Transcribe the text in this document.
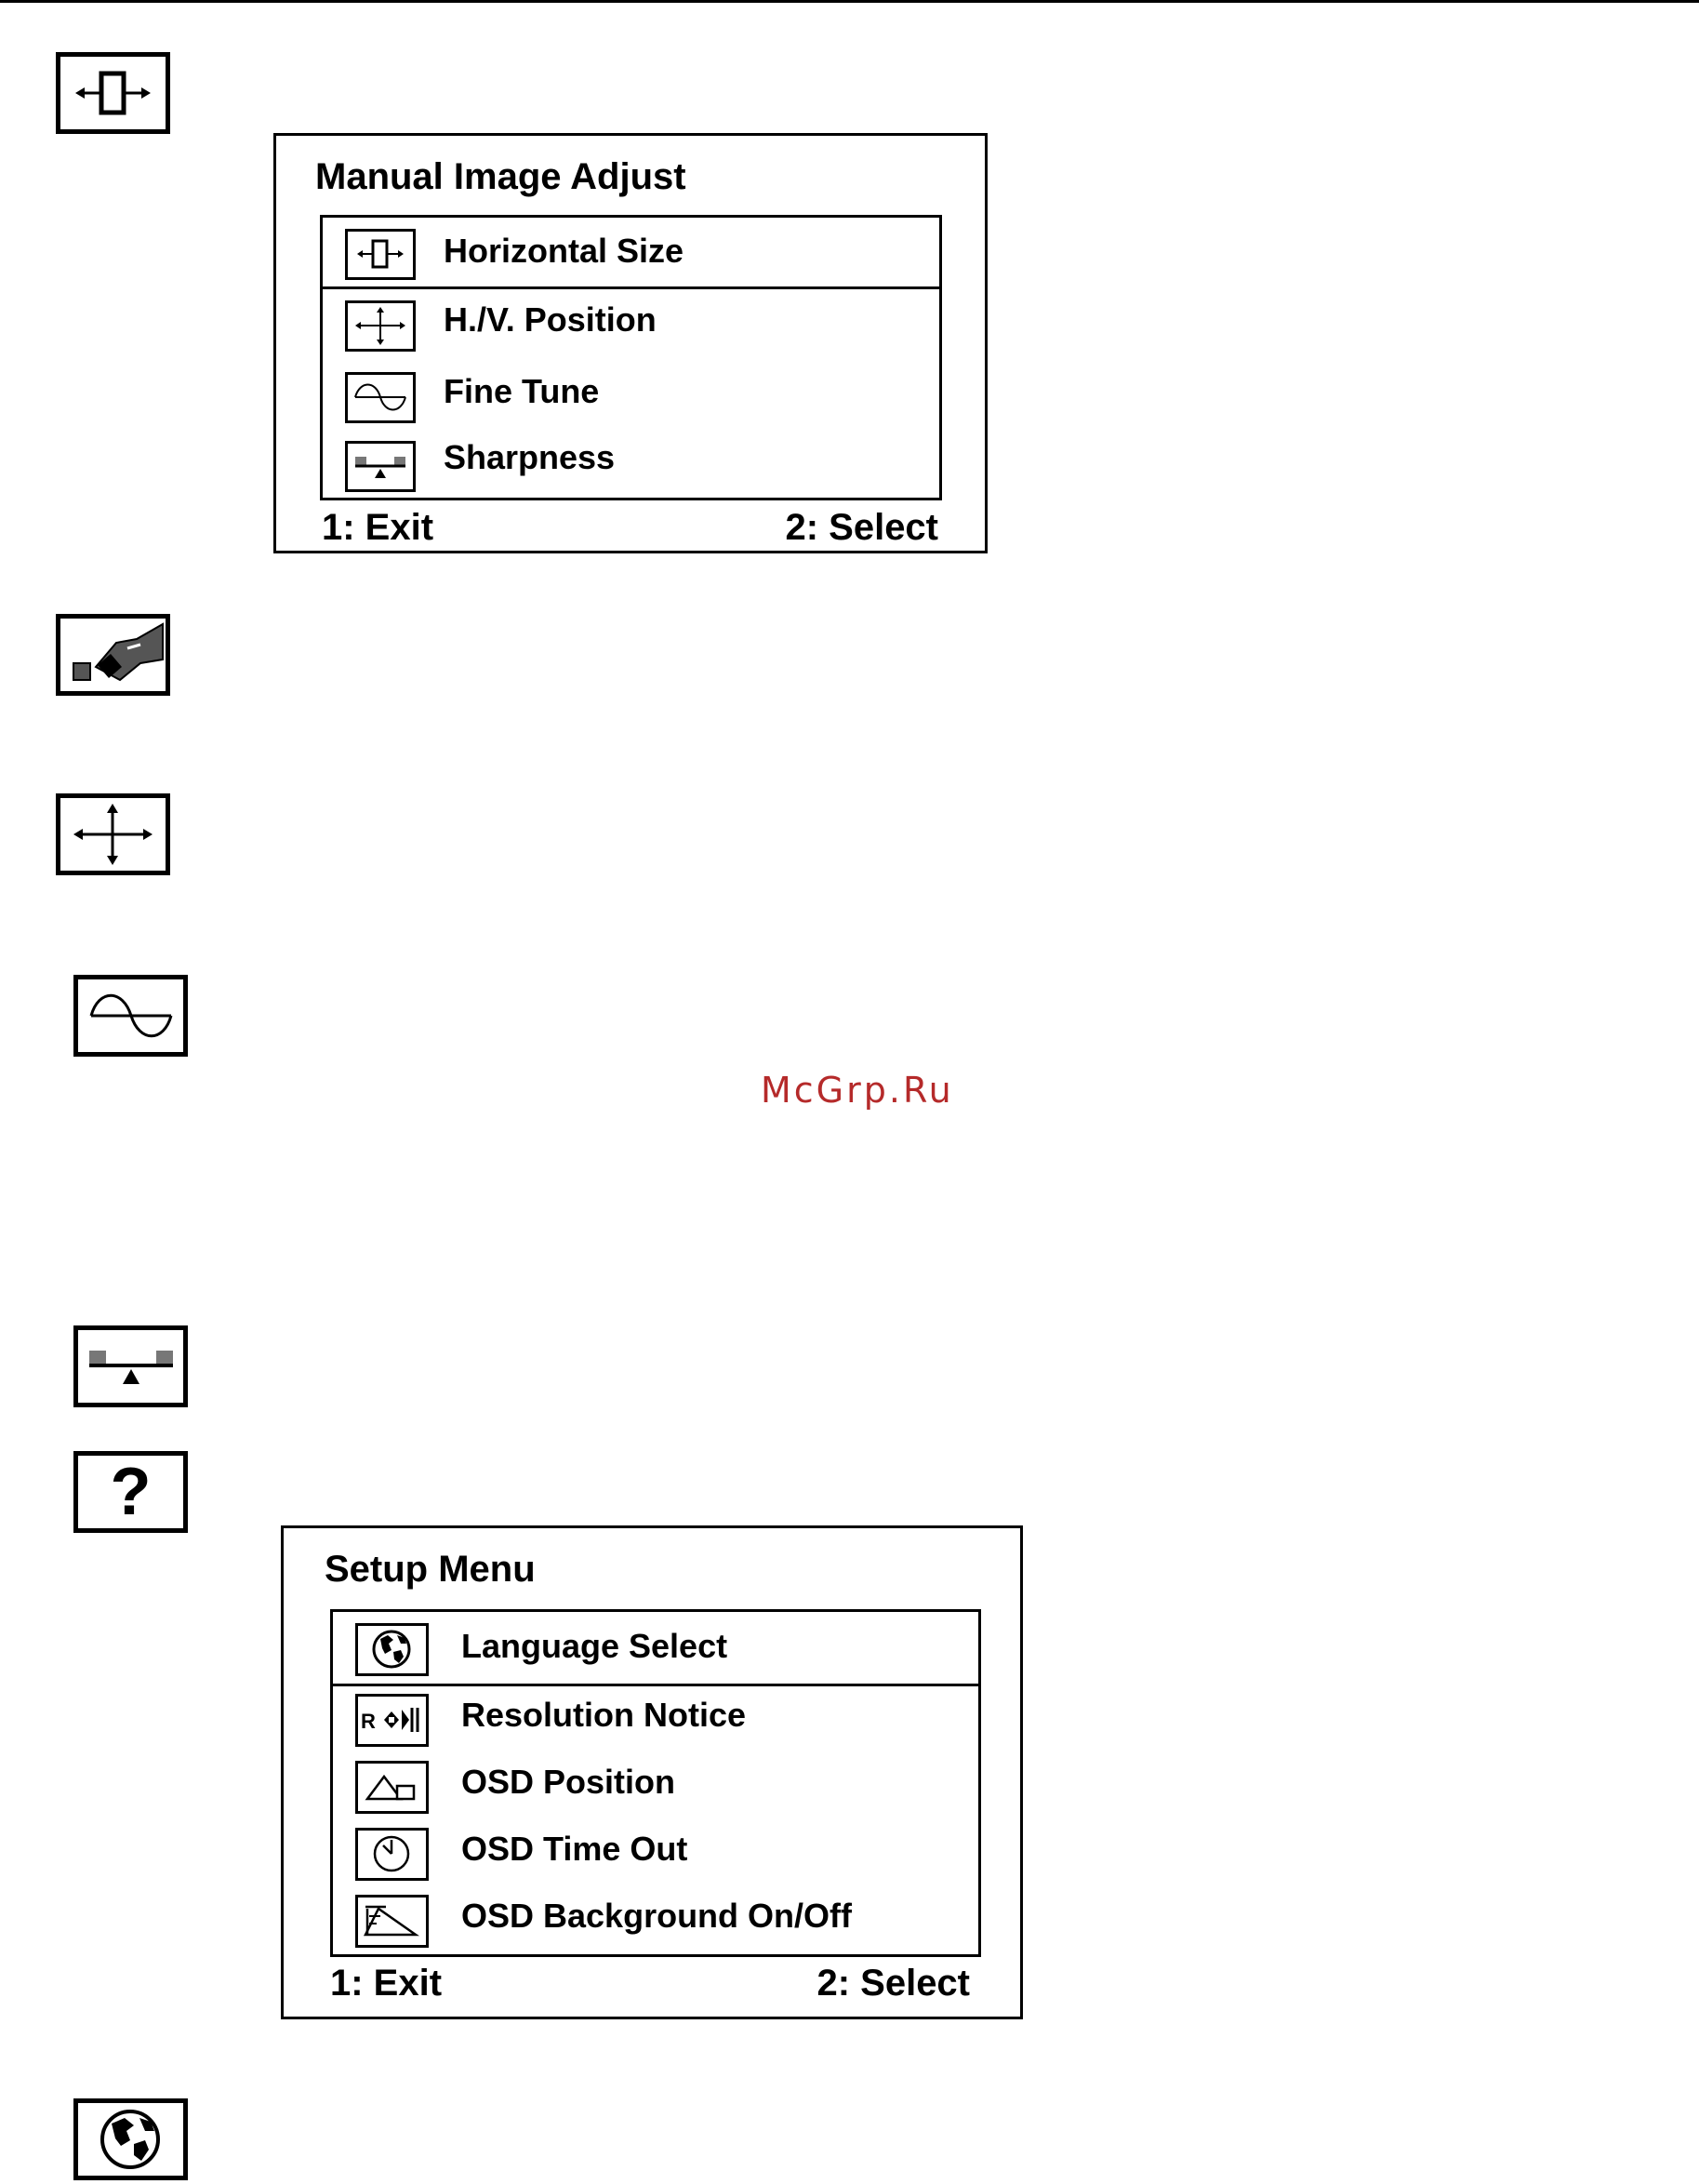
?
Manual Image Adjust
Horizontal Size
H./V. Position
Fine Tune
Sharpness
1: Exit	2: Select
Setup Menu
Language Select
R	Resolution Notice
OSD Position
OSD Time Out
OSD Background On/Off
1: Exit	2: Select
McGrp.Ru
